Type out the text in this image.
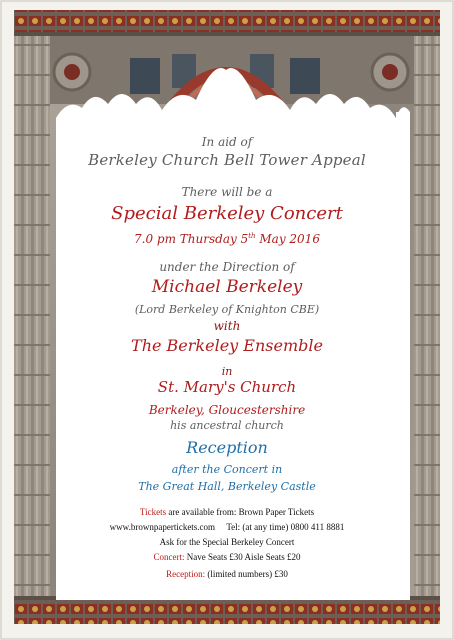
In aid of
Berkeley Church Bell Tower Appeal
There will be a
Special Berkeley Concert
7.0 pm Thursday 5th May 2016
under the Direction of
Michael Berkeley
(Lord Berkeley of Knighton CBE)
with
The Berkeley Ensemble
in
St. Mary's Church
Berkeley, Gloucestershire
his ancestral church
Reception
after the Concert in
The Great Hall, Berkeley Castle
Tickets are available from: Brown Paper Tickets
www.brownpapertickets.com Tel: (at any time) 0800 411 8881
Ask for the Special Berkeley Concert
Concert: Nave Seats £30 Aisle Seats £20
Reception: (limited numbers) £30
